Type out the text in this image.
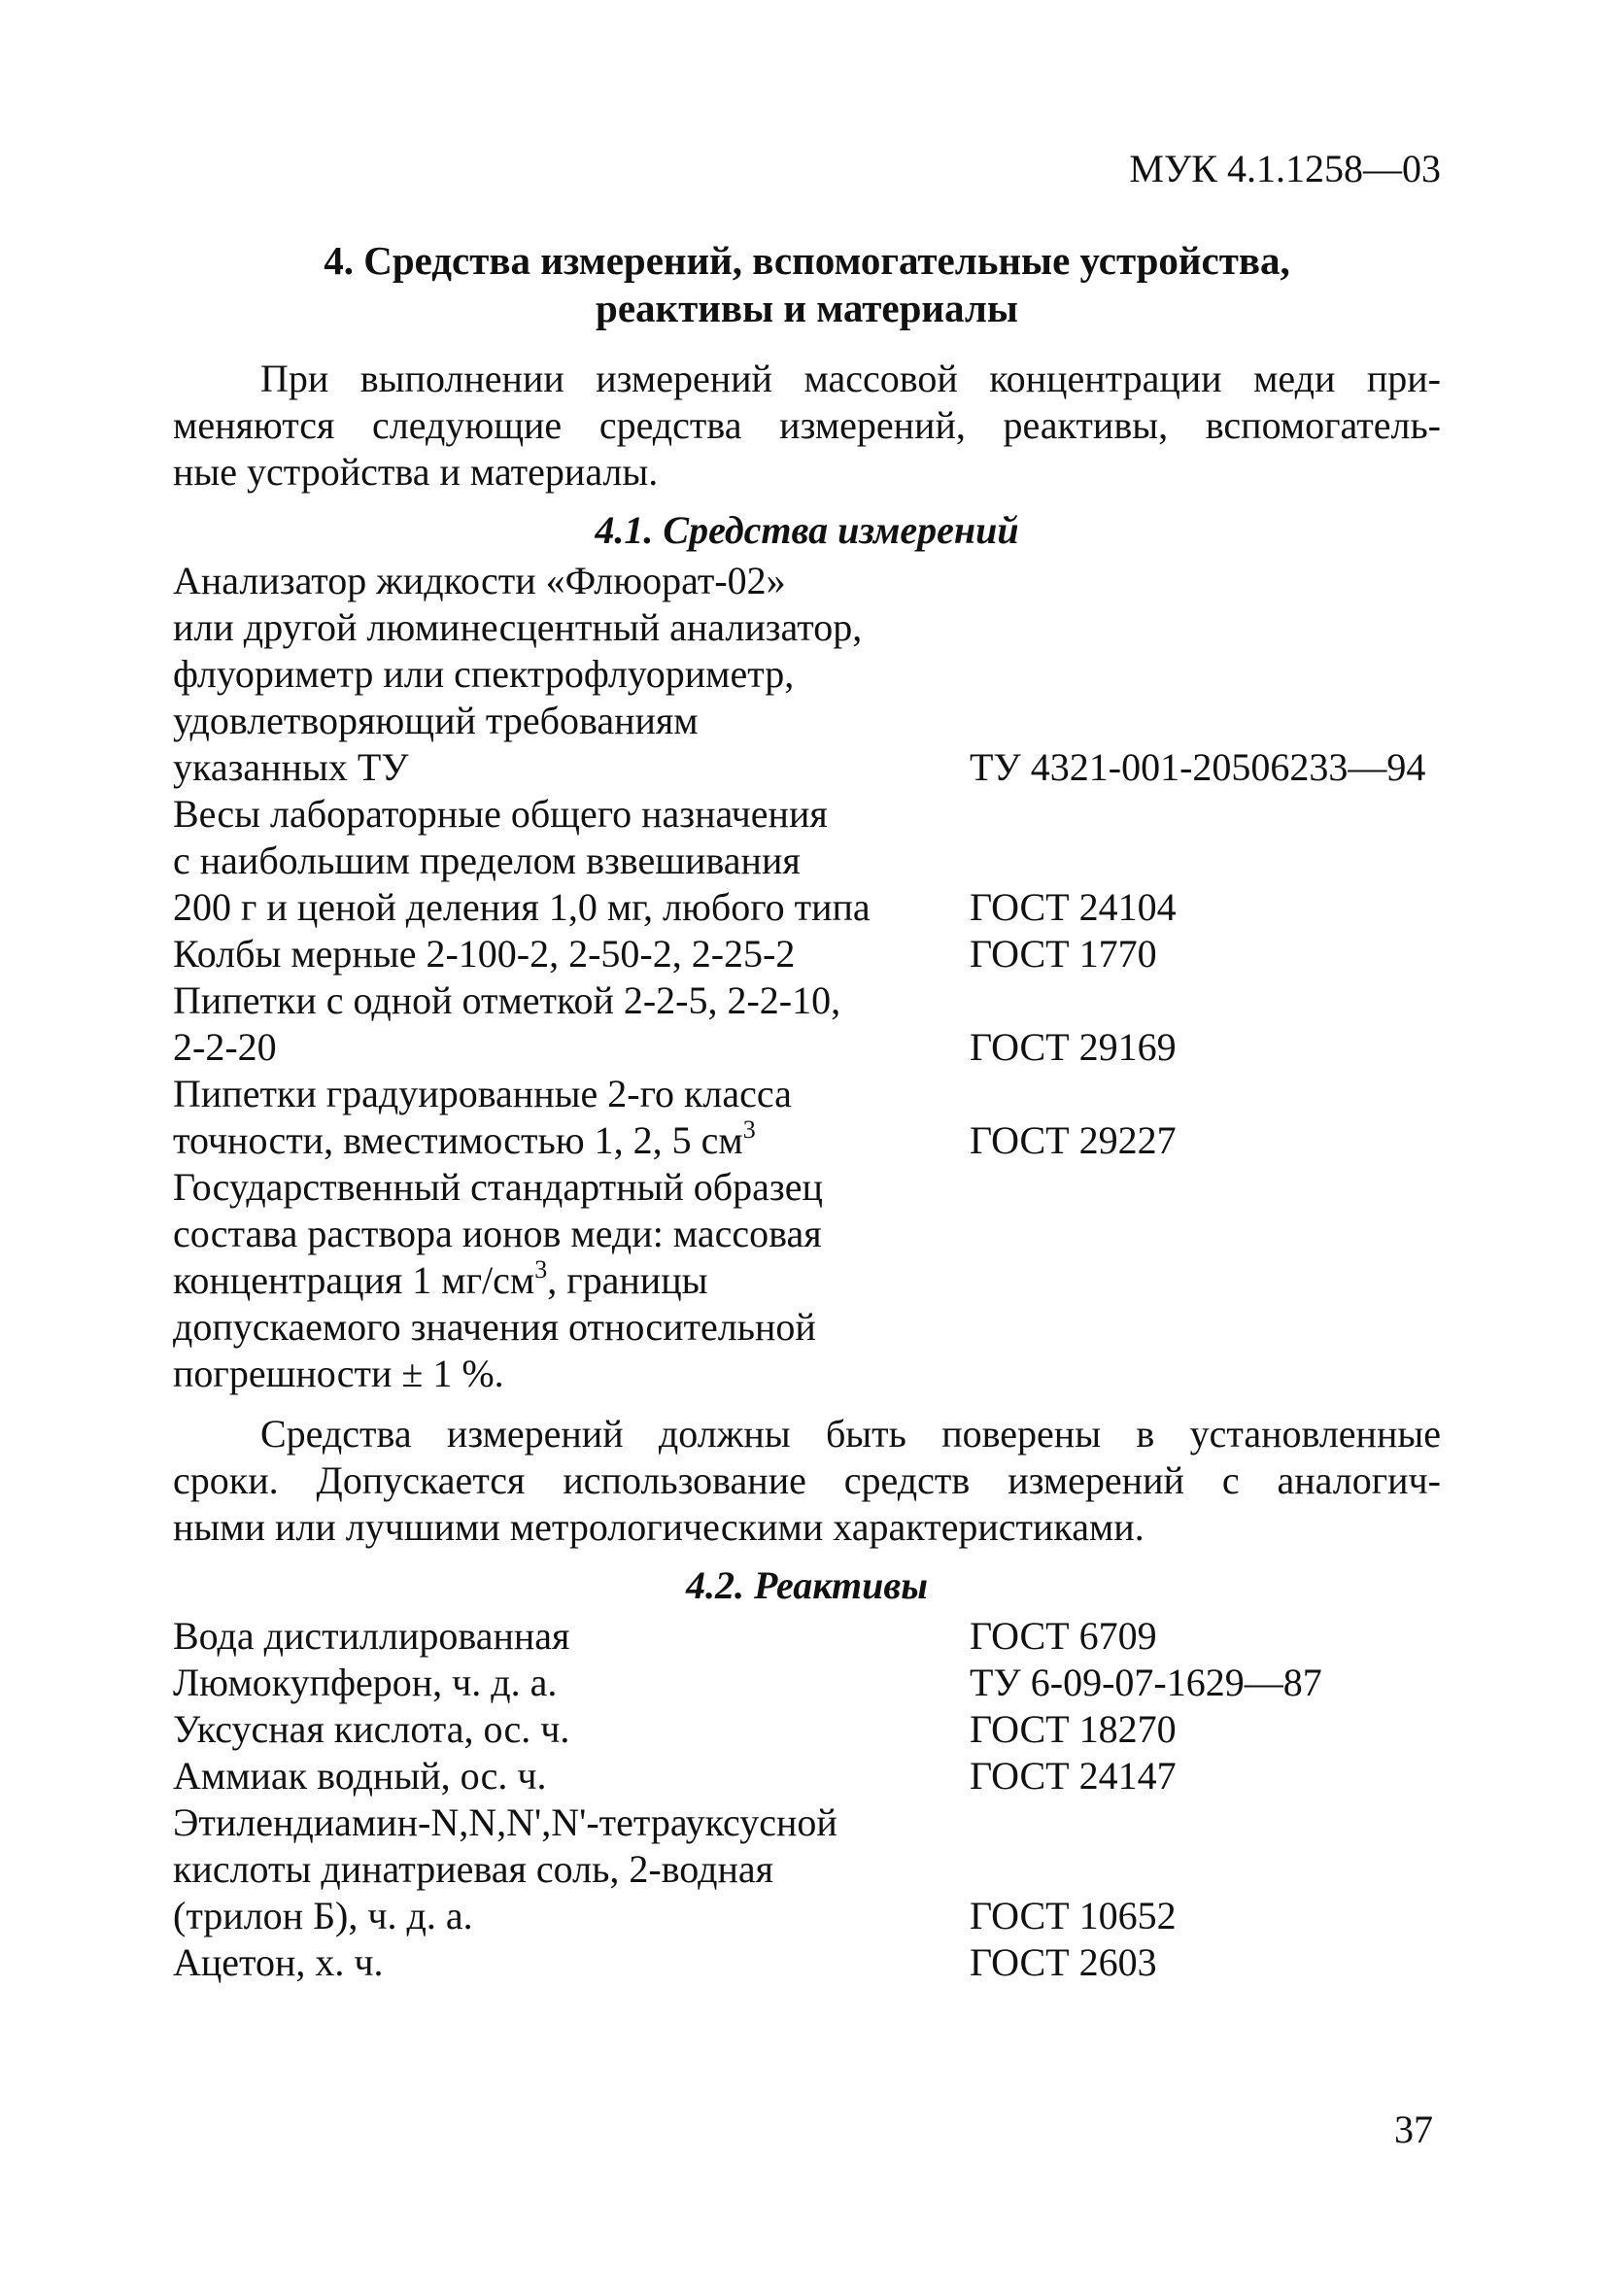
МУК 4.1.1258—03
4. Средства измерений, вспомогательные устройства,
реактивы и материалы
При выполнении измерений массовой концентрации меди при-
меняются следующие средства измерений, реактивы, вспомогатель-
ные устройства и материалы.
4.1. Средства измерений
Анализатор жидкости «Флюорат-02»
или другой люминесцентный анализатор,
флуориметр или спектрофлуориметр,
удовлетворяющий требованиям
указанных ТУ	ТУ 4321-001-20506233—94
Весы лабораторные общего назначения
с наибольшим пределом взвешивания
200 г и ценой деления 1,0 мг, любого типа	ГОСТ 24104
Колбы мерные 2-100-2, 2-50-2, 2-25-2	ГОСТ 1770
Пипетки с одной отметкой 2-2-5, 2-2-10,
2-2-20	ГОСТ 29169
Пипетки градуированные 2-го класса
точности, вместимостью 1, 2, 5 $см^3$	ГОСТ 29227
Государственный стандартный образец
состава раствора ионов меди: массовая
концентрация 1 $мг/см^3$, границы
допускаемого значения относительной
погрешности ± 1 %.
Средства измерений должны быть поверены в установленные
сроки. Допускается использование средств измерений с аналогич-
ными или лучшими метрологическими характеристиками.
4.2. Реактивы
Вода дистиллированная	ГОСТ 6709
Люмокупферон, ч. д. а.	ТУ 6-09-07-1629—87
Уксусная кислота, ос. ч.	ГОСТ 18270
Аммиак водный, ос. ч.	ГОСТ 24147
Этилендиамин-N,N,N',N'-тетрауксусной
кислоты динатриевая соль, 2-водная
(трилон Б), ч. д. а.	ГОСТ 10652
Ацетон, х. ч.	ГОСТ 2603
37
